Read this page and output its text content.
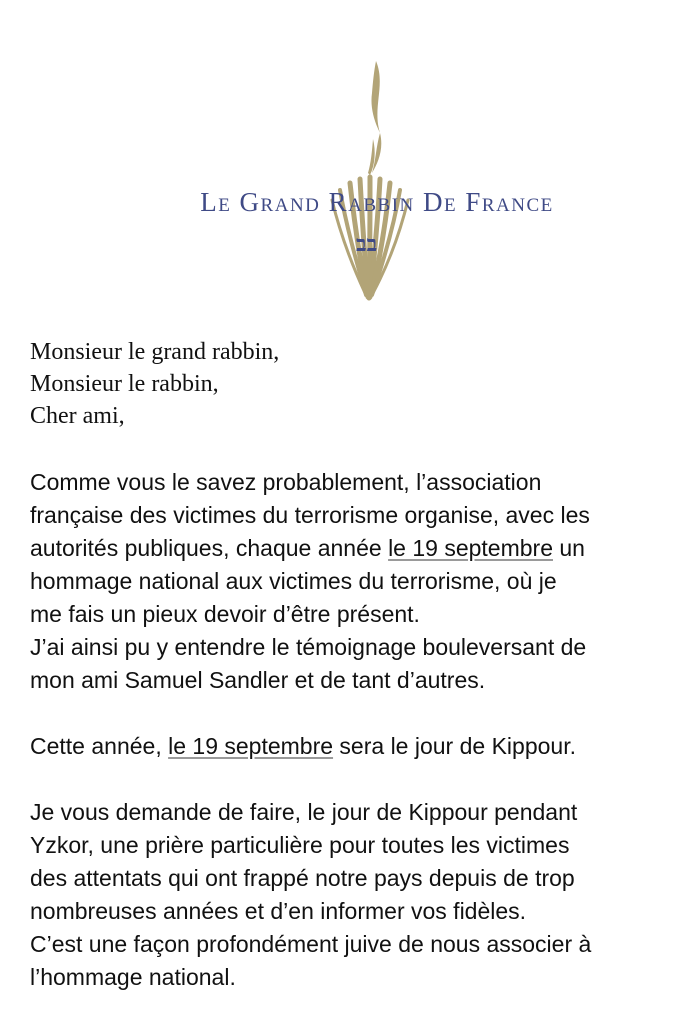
Le Grand Rabbin De France
בב
Monsieur le grand rabbin,
Monsieur le rabbin,
Cher ami,
Comme vous le savez probablement, l’association
française des victimes du terrorisme organise, avec les
autorités publiques, chaque année le 19 septembre un
hommage national aux victimes du terrorisme, où je
me fais un pieux devoir d’être présent.
J’ai ainsi pu y entendre le témoignage bouleversant de
mon ami Samuel Sandler et de tant d’autres.
Cette année, le 19 septembre sera le jour de Kippour.
Je vous demande de faire, le jour de Kippour pendant
Yzkor, une prière particulière pour toutes les victimes
des attentats qui ont frappé notre pays depuis de trop
nombreuses années et d’en informer vos fidèles.
C’est une façon profondément juive de nous associer à
l’hommage national.
